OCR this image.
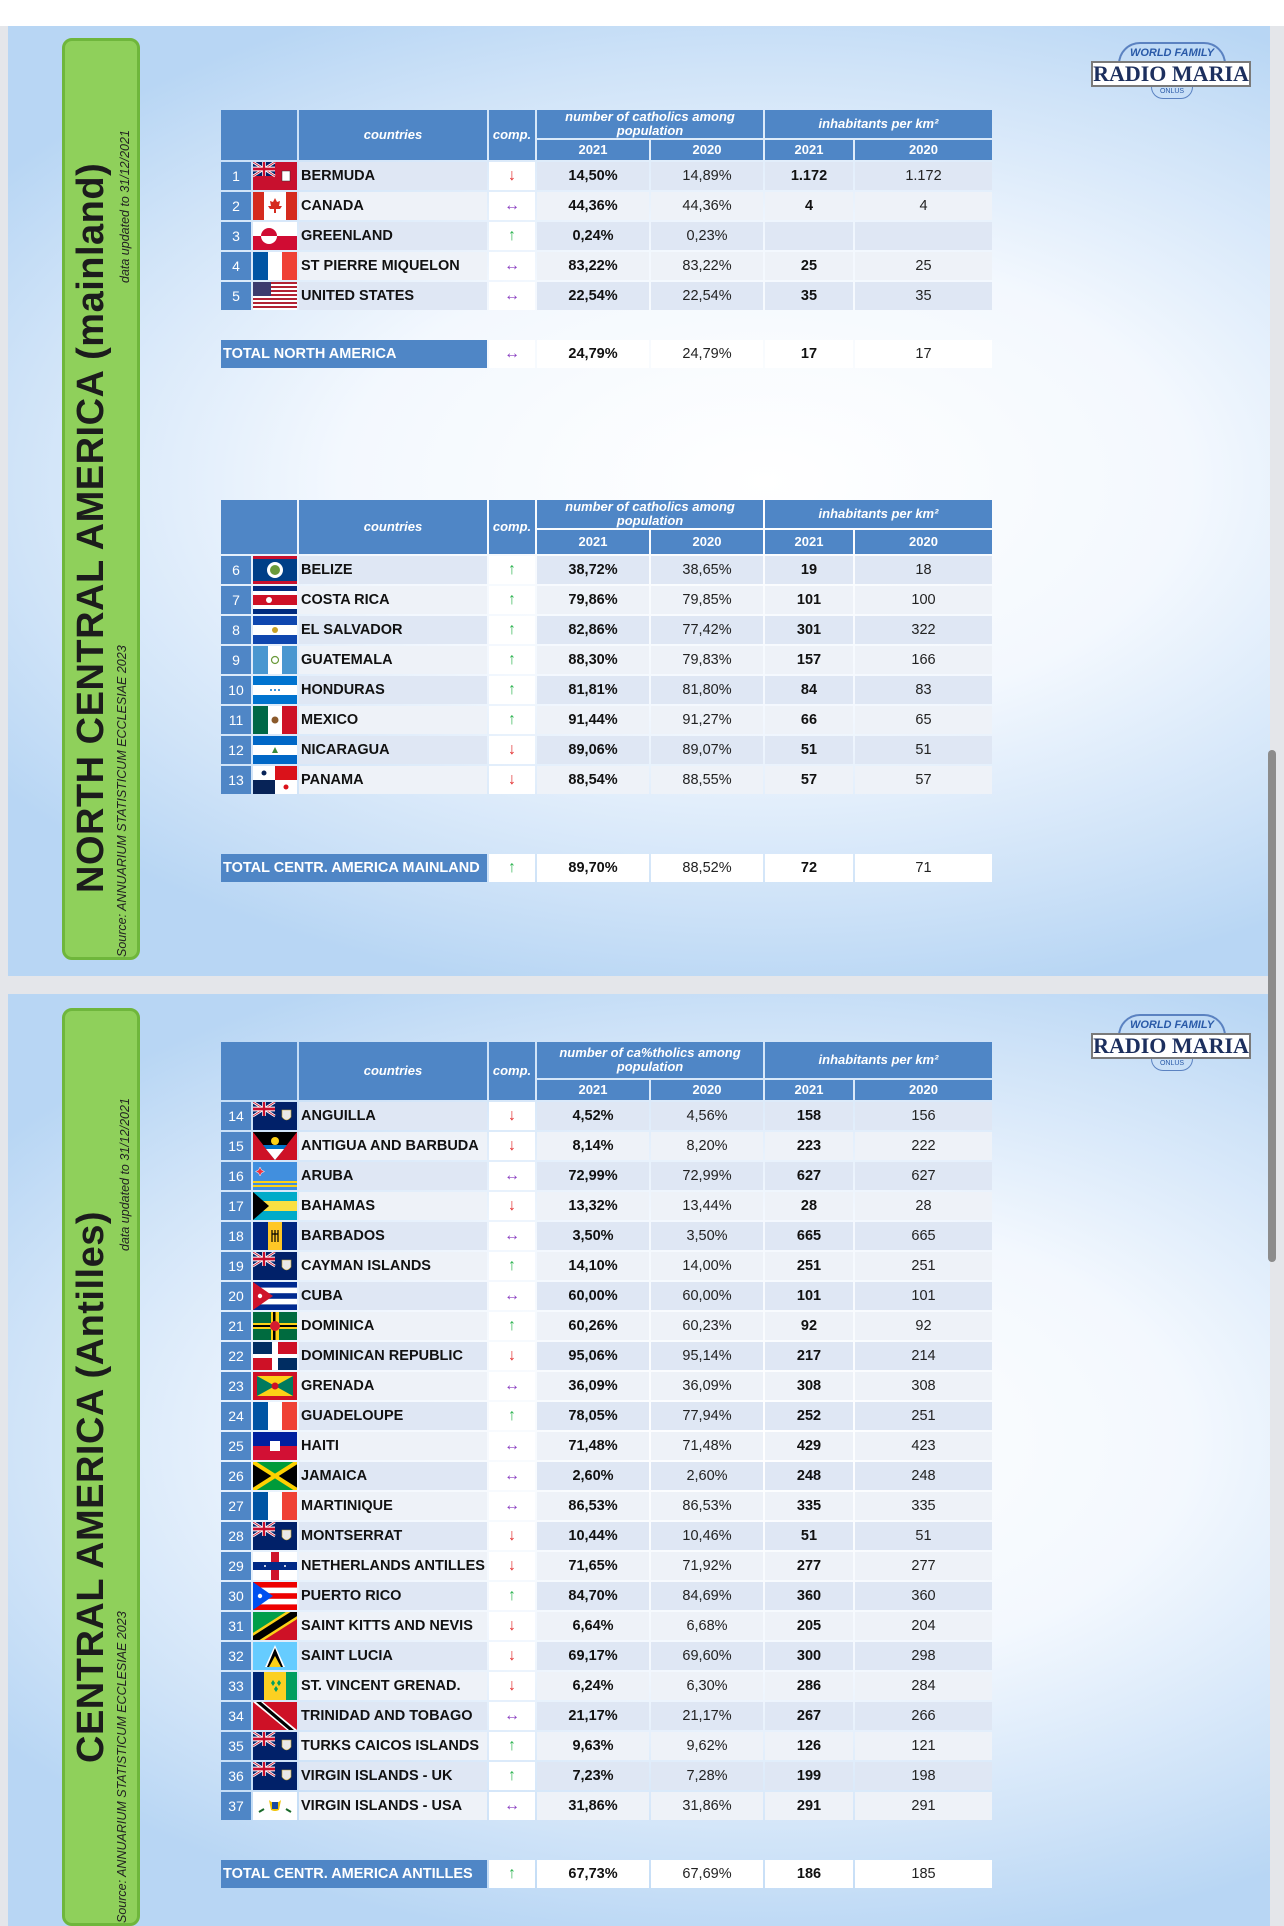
NORTH CENTRAL AMERICA (mainland) data updated to 31/12/2021
Source: ANNUARIUM STATISTICUM ECCLESIAE 2023
WORLD FAMILY
RADIO MARIA
ONLUS
		countries	comp.	number of catholics among population		inhabitants per km²	
				2021	2020	2021	2020
1		BERMUDA	↓	14,50%	14,89%	1.172	1.172
2		CANADA	↔	44,36%	44,36%	4	4
3		GREENLAND	↑	0,24%	0,23%		
4		ST PIERRE MIQUELON	↔	83,22%	83,22%	25	25
5		UNITED STATES	↔	22,54%	22,54%	35	35

TOTAL NORTH AMERICA			↔	24,79%	24,79%	17	17
		countries	comp.	number of catholics among population		inhabitants per km²	
				2021	2020	2021	2020
6		BELIZE	↑	38,72%	38,65%	19	18
7		COSTA RICA	↑	79,86%	79,85%	101	100
8		EL SALVADOR	↑	82,86%	77,42%	301	322
9		GUATEMALA	↑	88,30%	79,83%	157	166
10		HONDURAS	↑	81,81%	81,80%	84	83
11		MEXICO	↑	91,44%	91,27%	66	65
12		NICARAGUA	↓	89,06%	89,07%	51	51
13		PANAMA	↓	88,54%	88,55%	57	57

TOTAL CENTR. AMERICA MAINLAND			↑	89,70%	88,52%	72	71
CENTRAL AMERICA (Antilles)
data updated to 31/12/2021
Source: ANNUARIUM STATISTICUM ECCLESIAE 2023
WORLD FAMILY
RADIO MARIA
ONLUS
		countries	comp.	number of ca%tholics among population		inhabitants per km²	
				2021	2020	2021	2020
14		ANGUILLA	↓	4,52%	4,56%	158	156
15		ANTIGUA AND BARBUDA	↓	8,14%	8,20%	223	222
16		ARUBA	↔	72,99%	72,99%	627	627
17		BAHAMAS	↓	13,32%	13,44%	28	28
18		BARBADOS	↔	3,50%	3,50%	665	665
19		CAYMAN ISLANDS	↑	14,10%	14,00%	251	251
20		CUBA	↔	60,00%	60,00%	101	101
21		DOMINICA	↑	60,26%	60,23%	92	92
22		DOMINICAN REPUBLIC	↓	95,06%	95,14%	217	214
23		GRENADA	↔	36,09%	36,09%	308	308
24		GUADELOUPE	↑	78,05%	77,94%	252	251
25		HAITI	↔	71,48%	71,48%	429	423
26		JAMAICA	↔	2,60%	2,60%	248	248
27		MARTINIQUE	↔	86,53%	86,53%	335	335
28		MONTSERRAT	↓	10,44%	10,46%	51	51
29		NETHERLANDS ANTILLES	↓	71,65%	71,92%	277	277
30		PUERTO RICO	↑	84,70%	84,69%	360	360
31		SAINT KITTS AND NEVIS	↓	6,64%	6,68%	205	204
32		SAINT LUCIA	↓	69,17%	69,60%	300	298
33		ST. VINCENT GRENAD.	↓	6,24%	6,30%	286	284
34		TRINIDAD AND TOBAGO	↔	21,17%	21,17%	267	266
35		TURKS CAICOS ISLANDS	↑	9,63%	9,62%	126	121
36		VIRGIN ISLANDS - UK	↑	7,23%	7,28%	199	198
37		VIRGIN ISLANDS - USA	↔	31,86%	31,86%	291	291

TOTAL CENTR. AMERICA ANTILLES			↑	67,73%	67,69%	186	185
